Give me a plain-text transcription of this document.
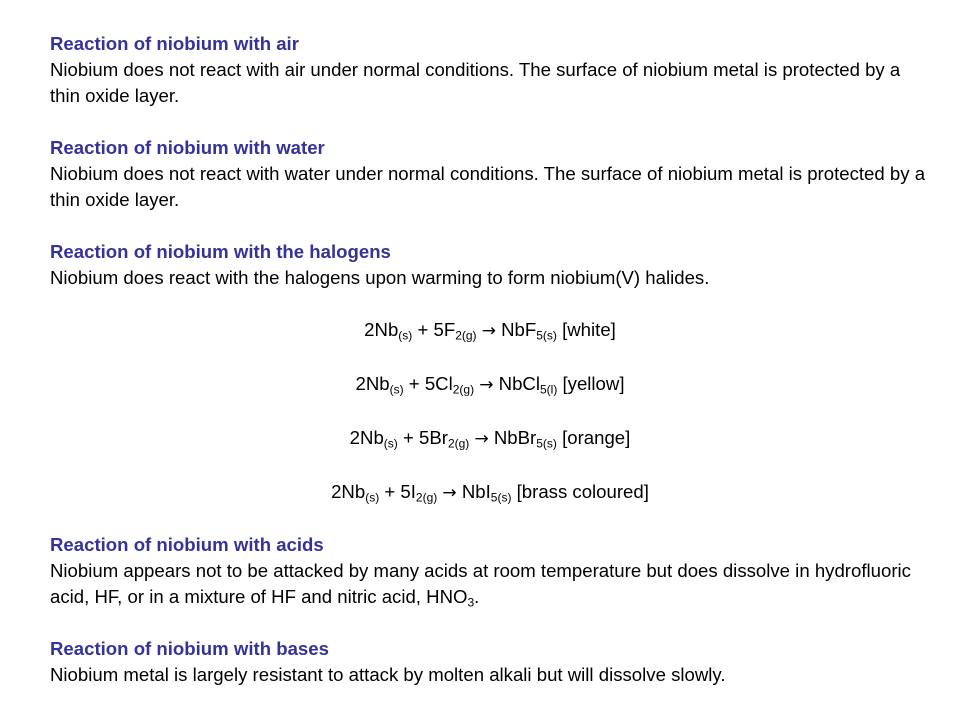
Reaction of niobium with air
Niobium does not react with air under normal conditions. The surface of niobium metal is protected by a thin oxide layer.
Reaction of niobium with water
Niobium does not react with water under normal conditions. The surface of niobium metal is protected by a thin oxide layer.
Reaction of niobium with the halogens
Niobium does react with the halogens upon warming to form niobium(V) halides.
$2Nb_{(s)} + 5F_{2(g)} \to NbF_{5(s)}$ [white]
$2Nb_{(s)} + 5Cl_{2(g)}$ → NbCl$_{5(l)}$ [yellow]
$2Nb_{(s)} + 5Br_{2(g)}$ → NbBr$_{5(s)}$ [orange]
$2Nb_{(s)} + 5I_{2(g)} \to NbI_{5(s)}$ [brass coloured]
Reaction of niobium with acids
Niobium appears not to be attacked by many acids at room temperature but does dissolve in hydrofluoric acid, HF, or in a mixture of HF and nitric acid, $HNO_3$.
Reaction of niobium with bases
Niobium metal is largely resistant to attack by molten alkali but will dissolve slowly.
